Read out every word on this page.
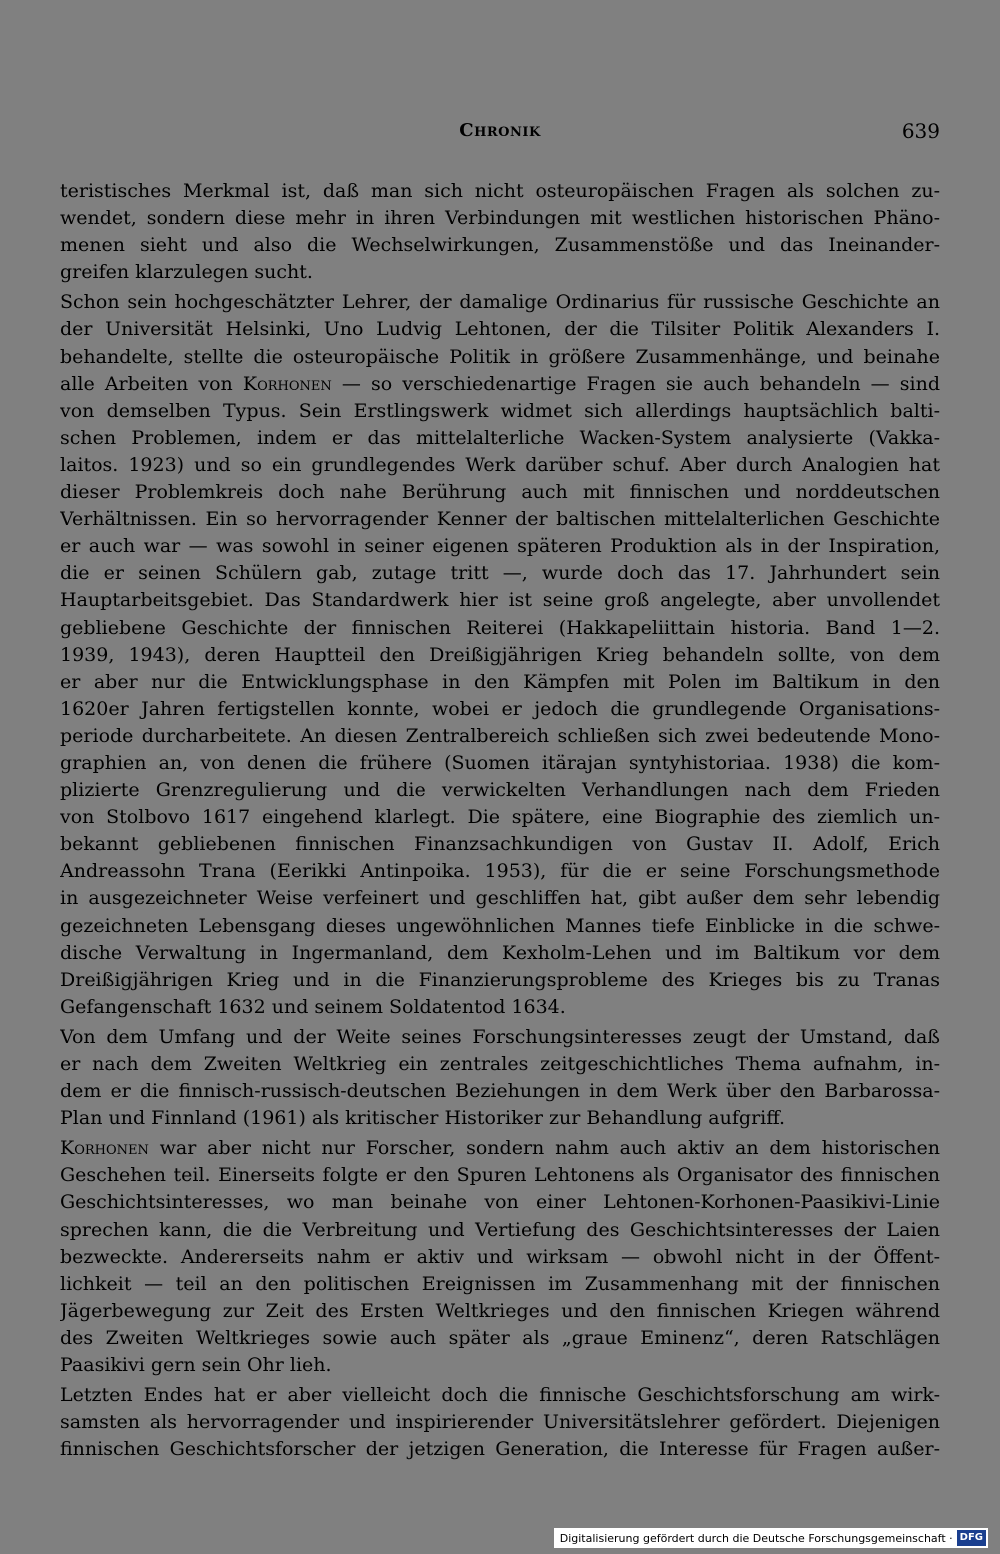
Chronik	639
teristisches Merkmal ist, daß man sich nicht osteuropäischen Fragen als solchen zu-
wendet, sondern diese mehr in ihren Verbindungen mit westlichen historischen Phäno-
menen sieht und also die Wechselwirkungen, Zusammenstöße und das Ineinander-
greifen klarzulegen sucht.
Schon sein hochgeschätzter Lehrer, der damalige Ordinarius für russische Geschichte an
der Universität Helsinki, Uno Ludvig Lehtonen, der die Tilsiter Politik Alexanders I.
behandelte, stellte die osteuropäische Politik in größere Zusammenhänge, und beinahe
alle Arbeiten von Korhonen — so verschiedenartige Fragen sie auch behandeln — sind
von demselben Typus. Sein Erstlingswerk widmet sich allerdings hauptsächlich balti-
schen Problemen, indem er das mittelalterliche Wacken-System analysierte (Vakka-
laitos. 1923) und so ein grundlegendes Werk darüber schuf. Aber durch Analogien hat
dieser Problemkreis doch nahe Berührung auch mit finnischen und norddeutschen
Verhältnissen. Ein so hervorragender Kenner der baltischen mittelalterlichen Geschichte
er auch war — was sowohl in seiner eigenen späteren Produktion als in der Inspiration,
die er seinen Schülern gab, zutage tritt —, wurde doch das 17. Jahrhundert sein
Hauptarbeitsgebiet. Das Standardwerk hier ist seine groß angelegte, aber unvollendet
gebliebene Geschichte der finnischen Reiterei (Hakkapeliittain historia. Band 1—2.
1939, 1943), deren Hauptteil den Dreißigjährigen Krieg behandeln sollte, von dem
er aber nur die Entwicklungsphase in den Kämpfen mit Polen im Baltikum in den
1620er Jahren fertigstellen konnte, wobei er jedoch die grundlegende Organisations-
periode durcharbeitete. An diesen Zentralbereich schließen sich zwei bedeutende Mono-
graphien an, von denen die frühere (Suomen itärajan syntyhistoriaa. 1938) die kom-
plizierte Grenzregulierung und die verwickelten Verhandlungen nach dem Frieden
von Stolbovo 1617 eingehend klarlegt. Die spätere, eine Biographie des ziemlich un-
bekannt gebliebenen finnischen Finanzsachkundigen von Gustav II. Adolf, Erich
Andreassohn Trana (Eerikki Antinpoika. 1953), für die er seine Forschungsmethode
in ausgezeichneter Weise verfeinert und geschliffen hat, gibt außer dem sehr lebendig
gezeichneten Lebensgang dieses ungewöhnlichen Mannes tiefe Einblicke in die schwe-
dische Verwaltung in Ingermanland, dem Kexholm-Lehen und im Baltikum vor dem
Dreißigjährigen Krieg und in die Finanzierungsprobleme des Krieges bis zu Tranas
Gefangenschaft 1632 und seinem Soldatentod 1634.
Von dem Umfang und der Weite seines Forschungsinteresses zeugt der Umstand, daß
er nach dem Zweiten Weltkrieg ein zentrales zeitgeschichtliches Thema aufnahm, in-
dem er die finnisch-russisch-deutschen Beziehungen in dem Werk über den Barbarossa-
Plan und Finnland (1961) als kritischer Historiker zur Behandlung aufgriff.
Korhonen war aber nicht nur Forscher, sondern nahm auch aktiv an dem historischen
Geschehen teil. Einerseits folgte er den Spuren Lehtonens als Organisator des finnischen
Geschichtsinteresses, wo man beinahe von einer Lehtonen-Korhonen-Paasikivi-Linie
sprechen kann, die die Verbreitung und Vertiefung des Geschichtsinteresses der Laien
bezweckte. Andererseits nahm er aktiv und wirksam — obwohl nicht in der Öffent-
lichkeit — teil an den politischen Ereignissen im Zusammenhang mit der finnischen
Jägerbewegung zur Zeit des Ersten Weltkrieges und den finnischen Kriegen während
des Zweiten Weltkrieges sowie auch später als „graue Eminenz“, deren Ratschlägen
Paasikivi gern sein Ohr lieh.
Letzten Endes hat er aber vielleicht doch die finnische Geschichtsforschung am wirk-
samsten als hervorragender und inspirierender Universitätslehrer gefördert. Diejenigen
finnischen Geschichtsforscher der jetzigen Generation, die Interesse für Fragen außer-
Digitalisierung gefördert durch die Deutsche Forschungsgemeinschaft · DFG
